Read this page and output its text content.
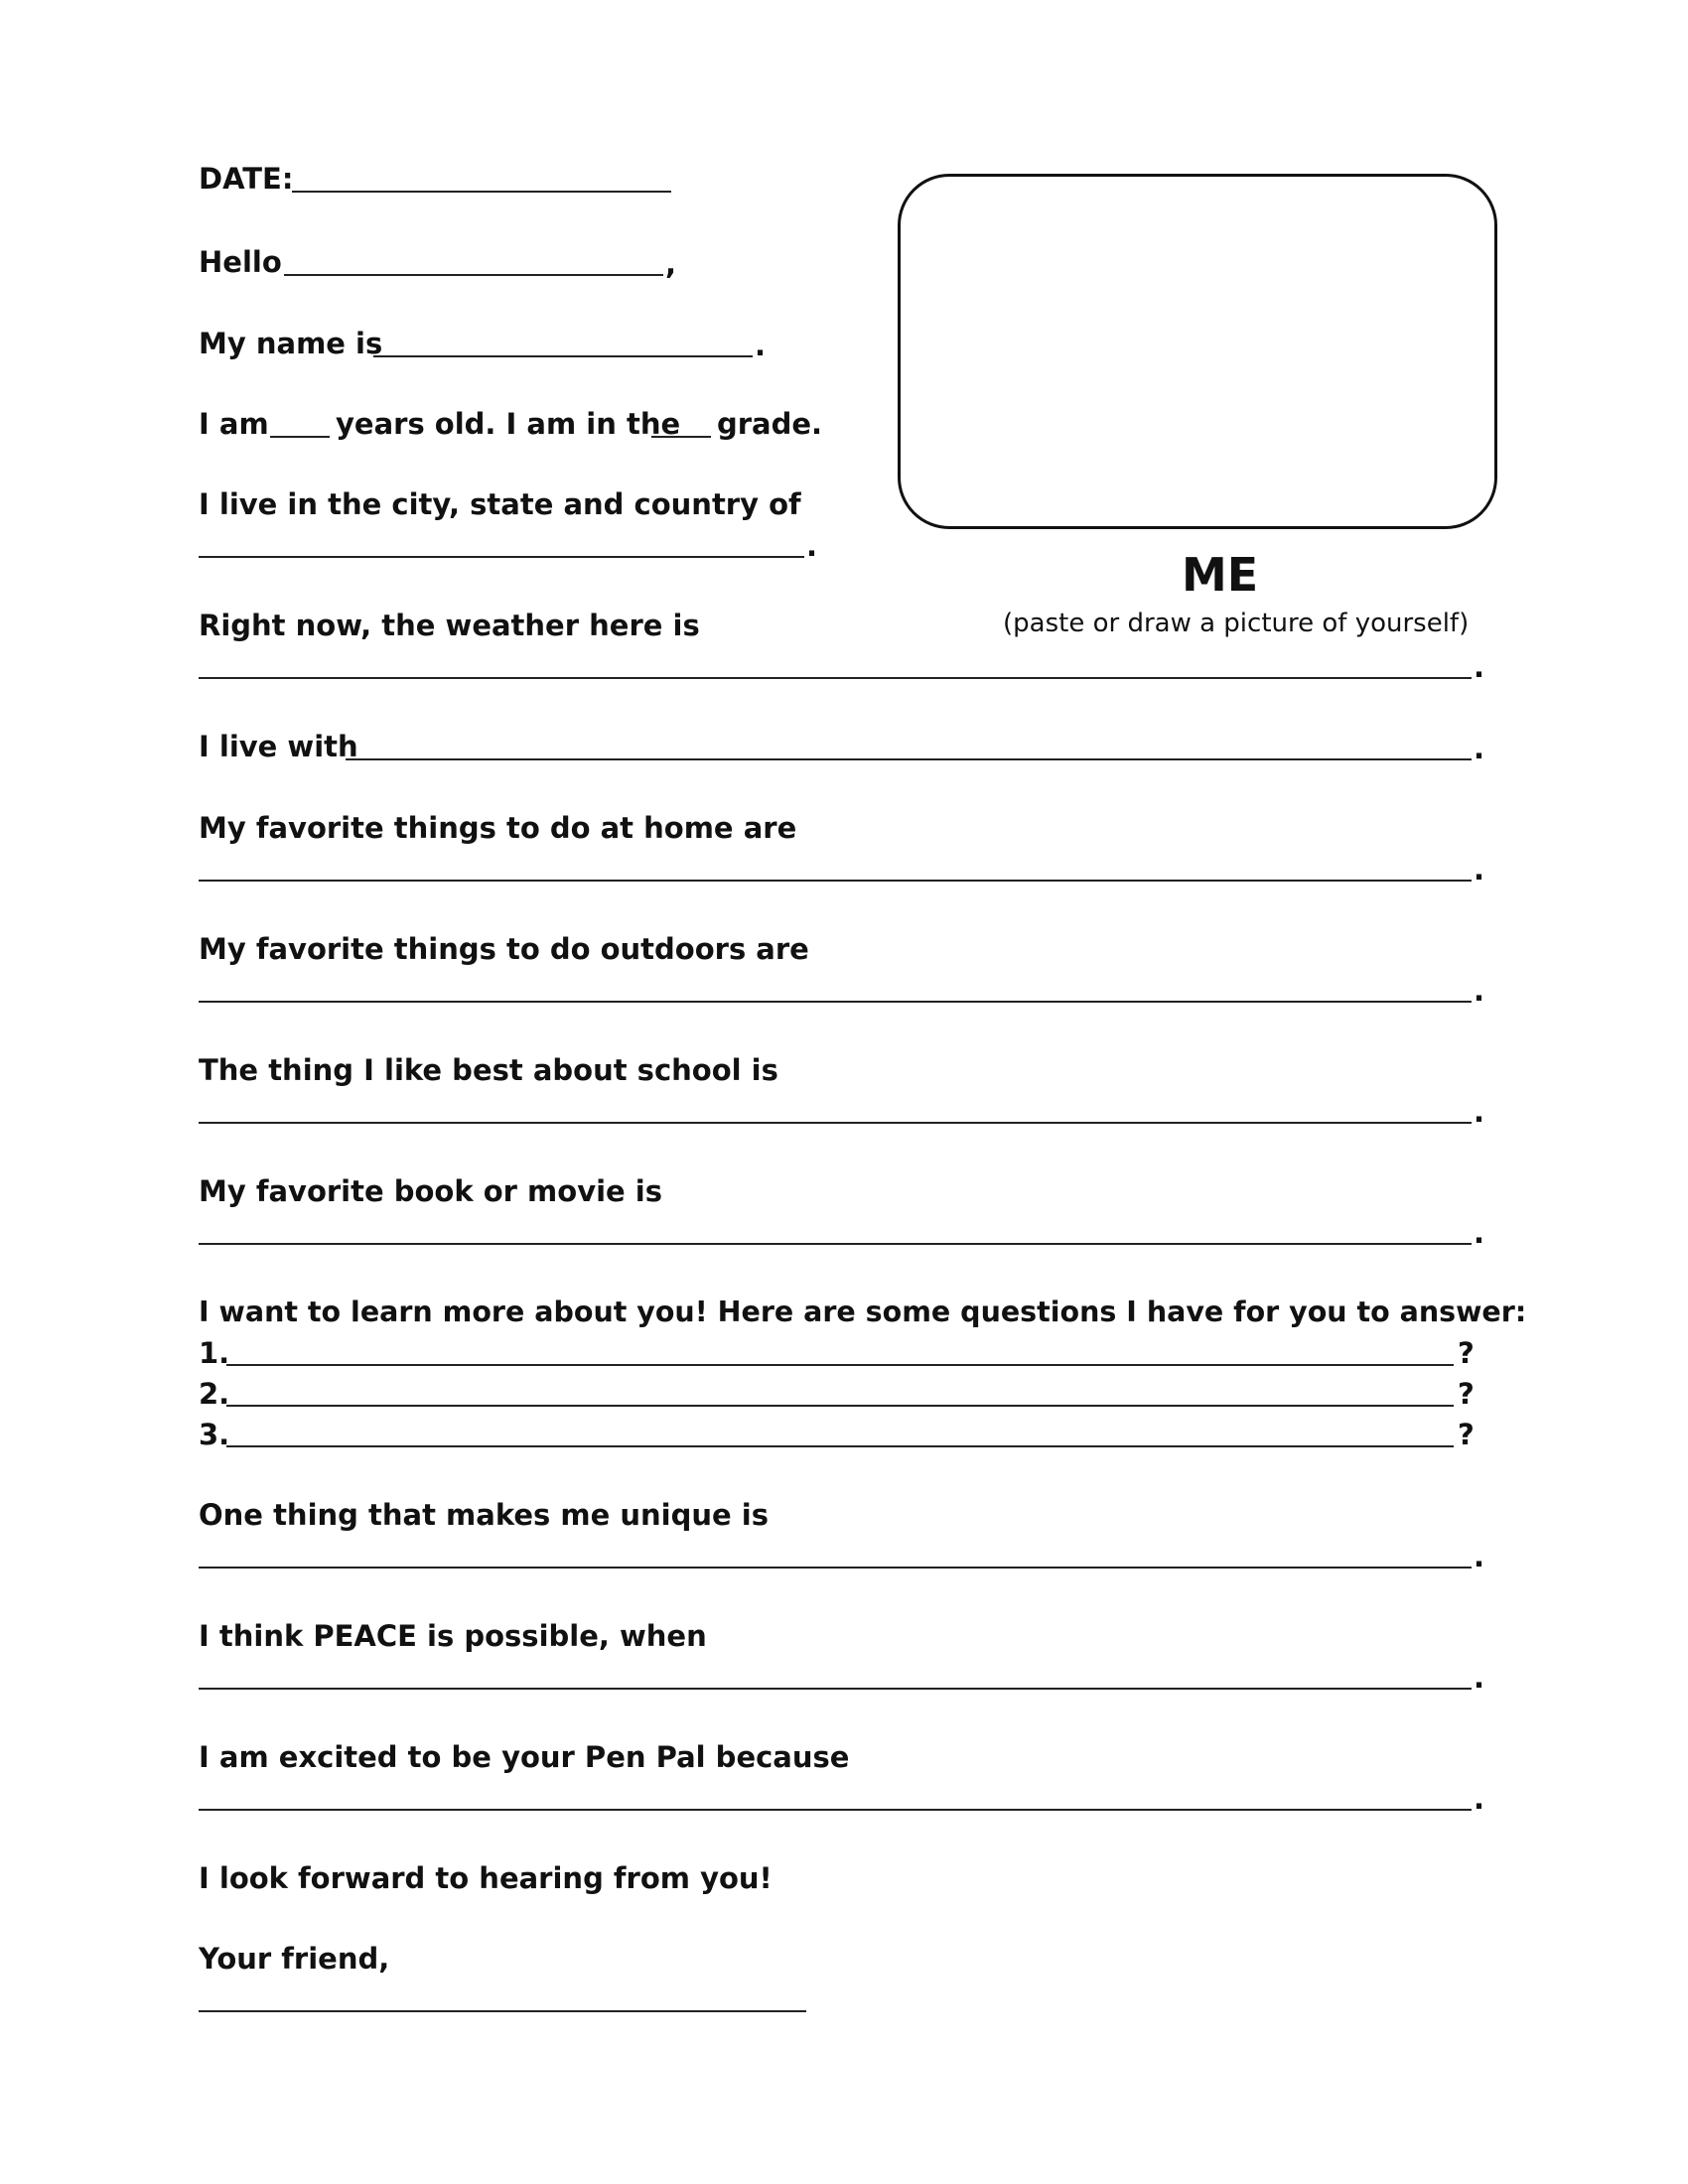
DATE:
Hello	,
My name is	.
I am years old. I am in the grade.
I live in the city, state and country of
.
ME
(paste or draw a picture of yourself)
Right now, the weather here is
.
I live with	.
My favorite things to do at home are
.
My favorite things to do outdoors are
.
The thing I like best about school is
.
My favorite book or movie is
.
I want to learn more about you! Here are some questions I have for you to answer:
1.	?
2.	?
3.	?
One thing that makes me unique is
.
I think PEACE is possible, when
.
I am excited to be your Pen Pal because
.
I look forward to hearing from you!
Your friend,
